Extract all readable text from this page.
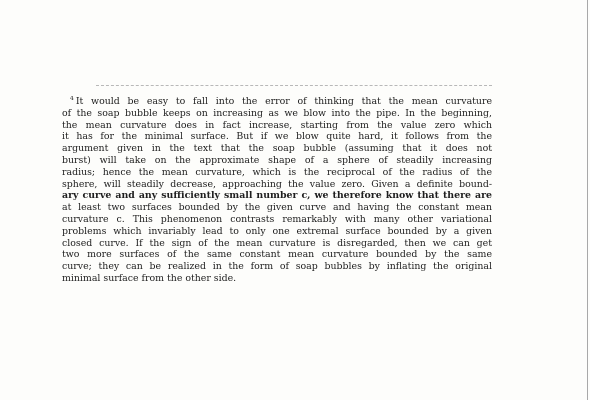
$^4$ It would be easy to fall into the error of thinking that the mean curvature
of the soap bubble keeps on increasing as we blow into the pipe. In the beginning,
the mean curvature does in fact increase, starting from the value zero which
it has for the minimal surface. But if we blow quite hard, it follows from the
argument given in the text that the soap bubble (assuming that it does not
burst) will take on the approximate shape of a sphere of steadily increasing
radius; hence the mean curvature, which is the reciprocal of the radius of the
sphere, will steadily decrease, approaching the value zero. Given a definite bound-
ary curve and any sufficiently small number c, we therefore know that there are
at least two surfaces bounded by the given curve and having the constant mean
curvature c. This phenomenon contrasts remarkably with many other variational
problems which invariably lead to only one extremal surface bounded by a given
closed curve. If the sign of the mean curvature is disregarded, then we can get
two more surfaces of the same constant mean curvature bounded by the same
curve; they can be realized in the form of soap bubbles by inflating the original
minimal surface from the other side.
